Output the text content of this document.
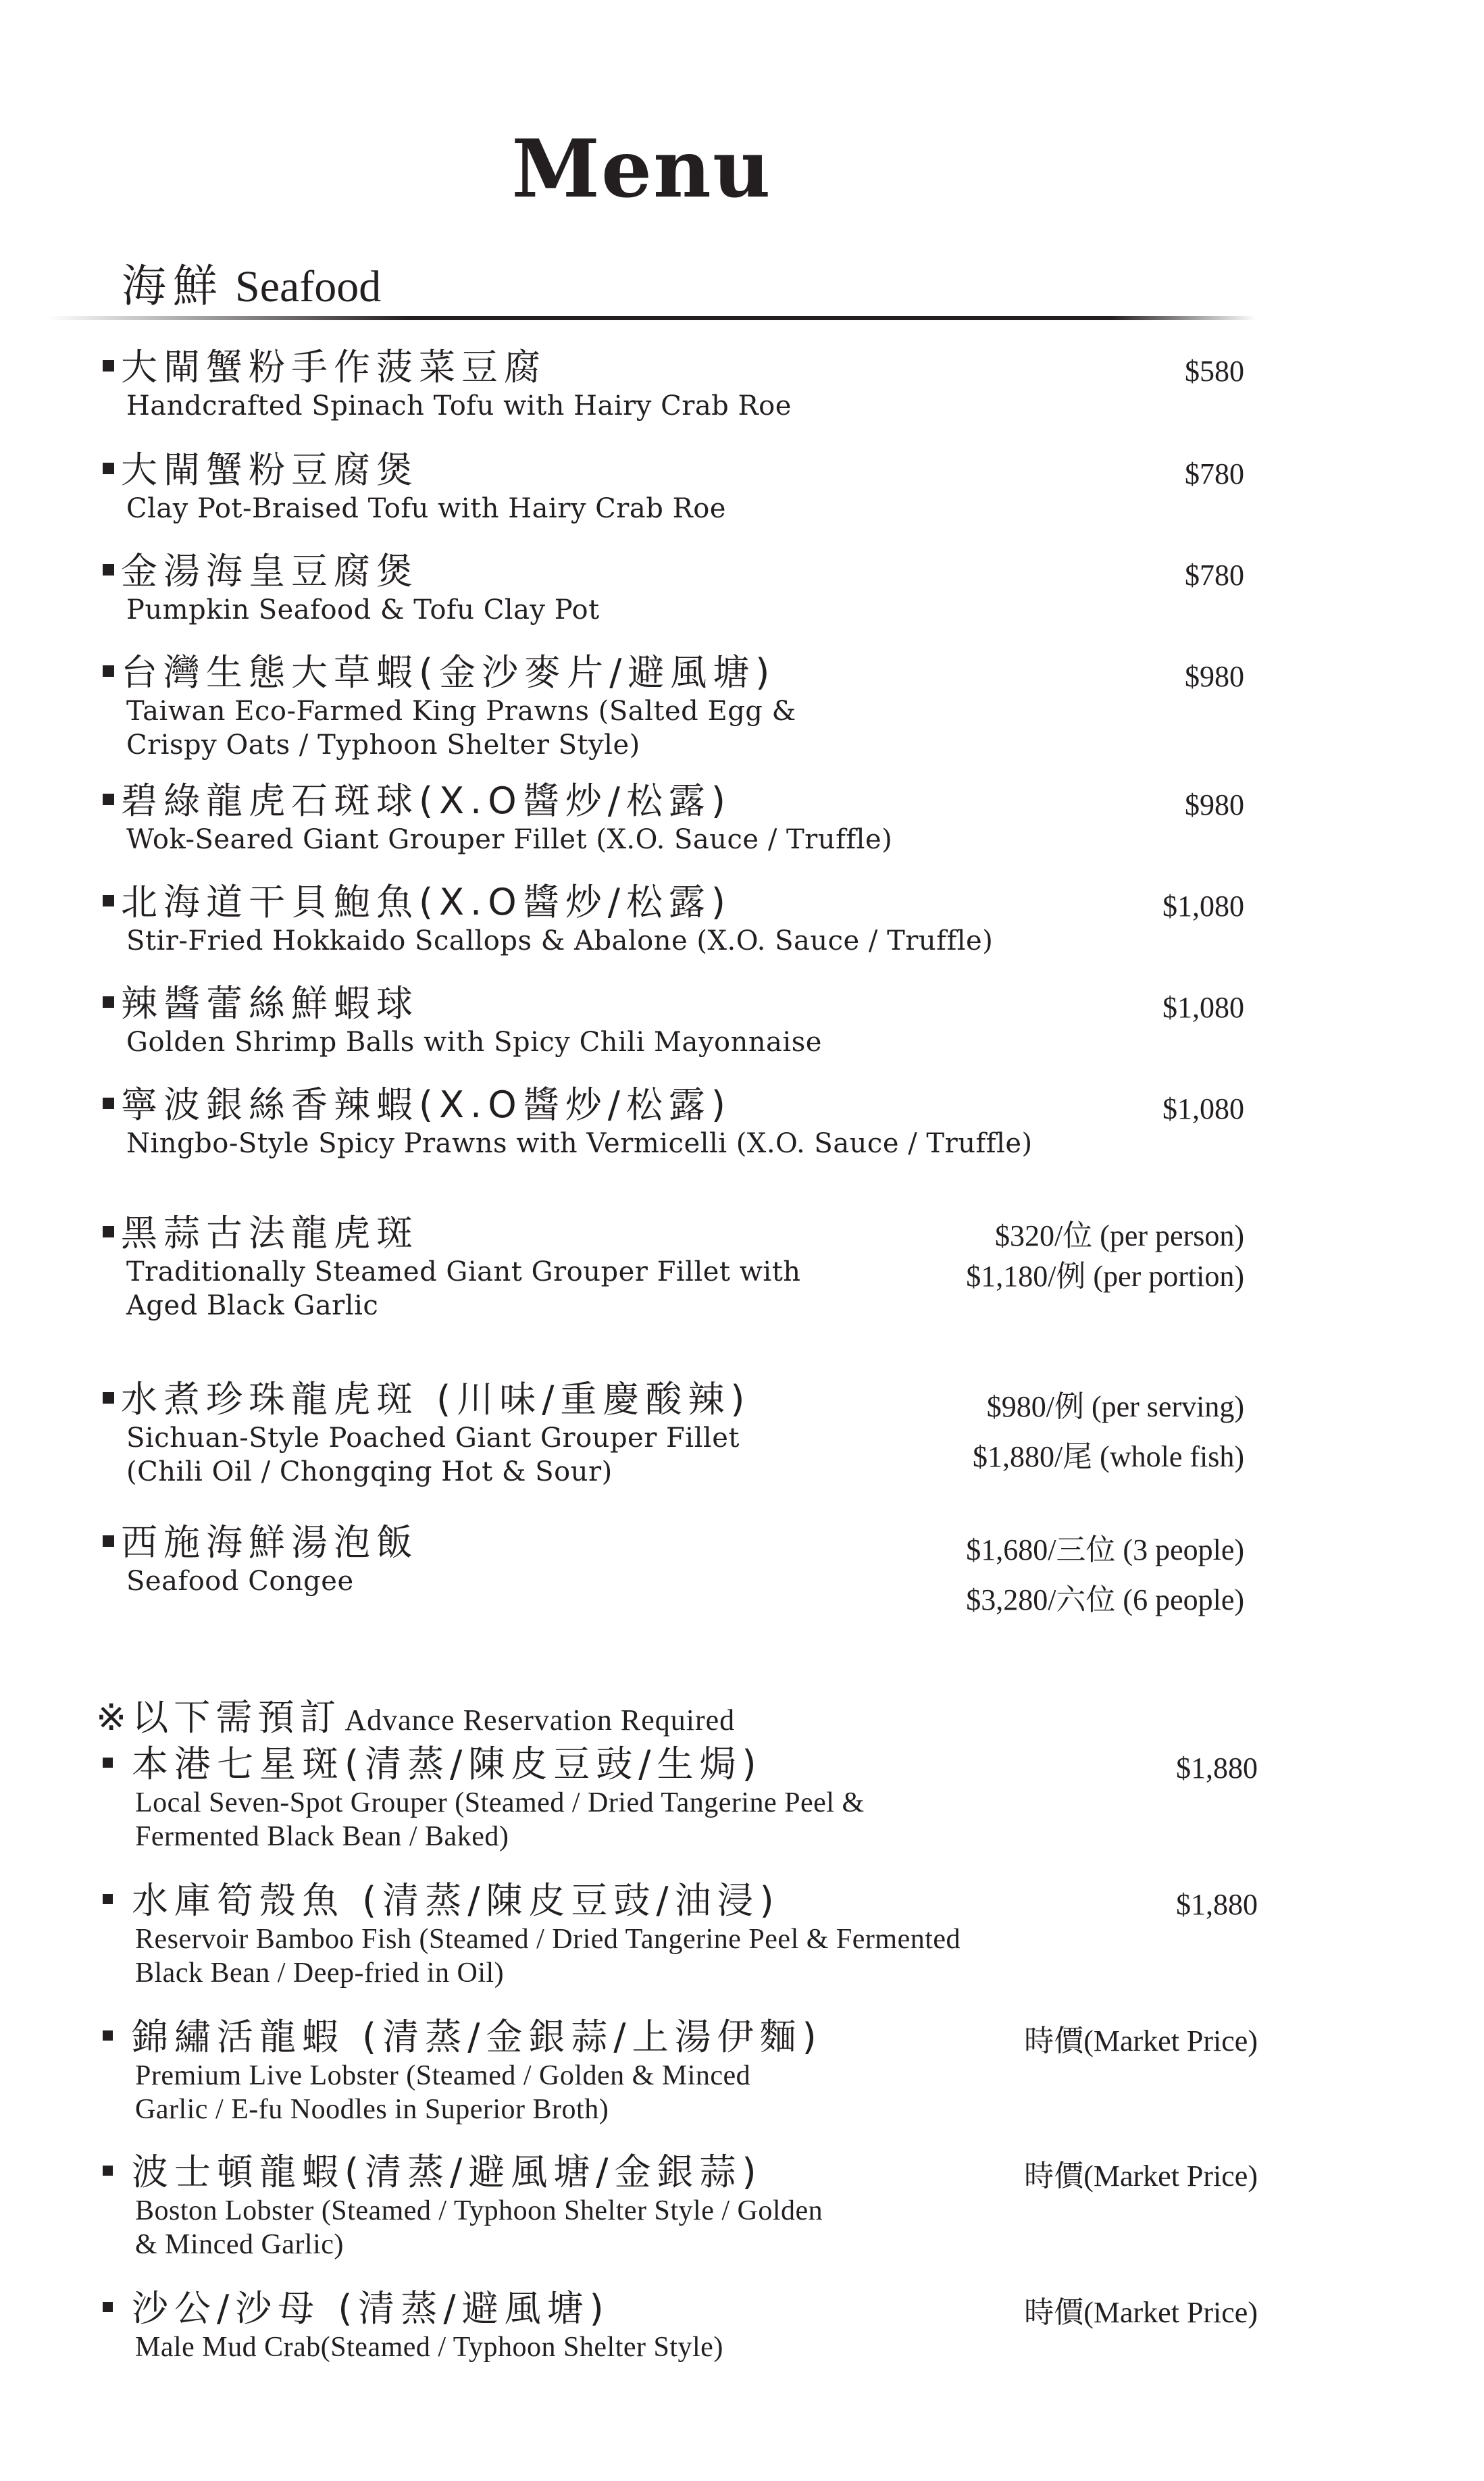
Menu
海鮮 Seafood
大閘蟹粉手作菠菜豆腐
Handcrafted Spinach Tofu with Hairy Crab Roe
$580
大閘蟹粉豆腐煲
Clay Pot-Braised Tofu with Hairy Crab Roe
$780
金湯海皇豆腐煲
Pumpkin Seafood & Tofu Clay Pot
$780
台灣生態大草蝦(金沙麥片/避風塘)
Taiwan Eco-Farmed King Prawns (Salted Egg &
Crispy Oats / Typhoon Shelter Style)
$980
碧綠龍虎石斑球(X.O醬炒/松露)
Wok-Seared Giant Grouper Fillet (X.O. Sauce / Truffle)
$980
北海道干貝鮑魚(X.O醬炒/松露)
Stir-Fried Hokkaido Scallops & Abalone (X.O. Sauce / Truffle)
$1,080
辣醬蕾絲鮮蝦球
Golden Shrimp Balls with Spicy Chili Mayonnaise
$1,080
寧波銀絲香辣蝦(X.O醬炒/松露)
Ningbo-Style Spicy Prawns with Vermicelli (X.O. Sauce / Truffle)
$1,080
黑蒜古法龍虎斑
Traditionally Steamed Giant Grouper Fillet with
Aged Black Garlic
$320/位 (per person)
$1,180/例 (per portion)
水煮珍珠龍虎斑 (川味/重慶酸辣)
Sichuan-Style Poached Giant Grouper Fillet
(Chili Oil / Chongqing Hot & Sour)
$980/例 (per serving)
$1,880/尾 (whole fish)
西施海鮮湯泡飯
Seafood Congee
$1,680/三位 (3 people)
$3,280/六位 (6 people)
※以下需預訂 Advance Reservation Required
本港七星斑(清蒸/陳皮豆豉/生焗)
Local Seven-Spot Grouper (Steamed / Dried Tangerine Peel &
Fermented Black Bean / Baked)
$1,880
水庫筍殼魚 (清蒸/陳皮豆豉/油浸)
Reservoir Bamboo Fish (Steamed / Dried Tangerine Peel & Fermented
Black Bean / Deep-fried in Oil)
$1,880
錦繡活龍蝦 (清蒸/金銀蒜/上湯伊麵)
Premium Live Lobster (Steamed / Golden & Minced
Garlic / E-fu Noodles in Superior Broth)
時價(Market Price)
波士頓龍蝦(清蒸/避風塘/金銀蒜)
Boston Lobster (Steamed / Typhoon Shelter Style / Golden
& Minced Garlic)
時價(Market Price)
沙公/沙母 (清蒸/避風塘)
Male Mud Crab(Steamed / Typhoon Shelter Style)
時價(Market Price)
